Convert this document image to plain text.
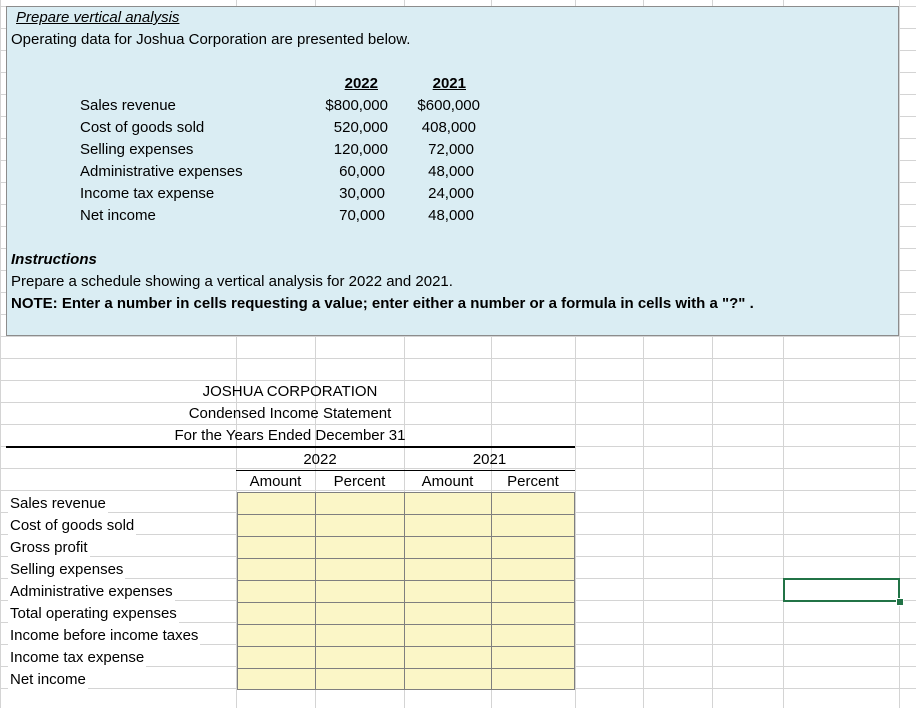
Prepare vertical analysis
Operating data for Joshua Corporation are presented below.
2022	2021
Sales revenue	$800,000	$600,000
Cost of goods sold	520,000	408,000
Selling expenses	120,000	72,000
Administrative expenses	60,000	48,000
Income tax expense	30,000	24,000
Net income	70,000	48,000
Instructions
Prepare a schedule showing a vertical analysis for 2022 and 2021.
NOTE: Enter a number in cells requesting a value; enter either a number or a formula in cells with a "?" .
JOSHUA CORPORATION
Condensed Income Statement
For the Years Ended December 31
2022	2021
Amount	Percent	Amount	Percent
Sales revenue
Cost of goods sold
Gross profit
Selling expenses
Administrative expenses
Total operating expenses
Income before income taxes
Income tax expense
Net income
